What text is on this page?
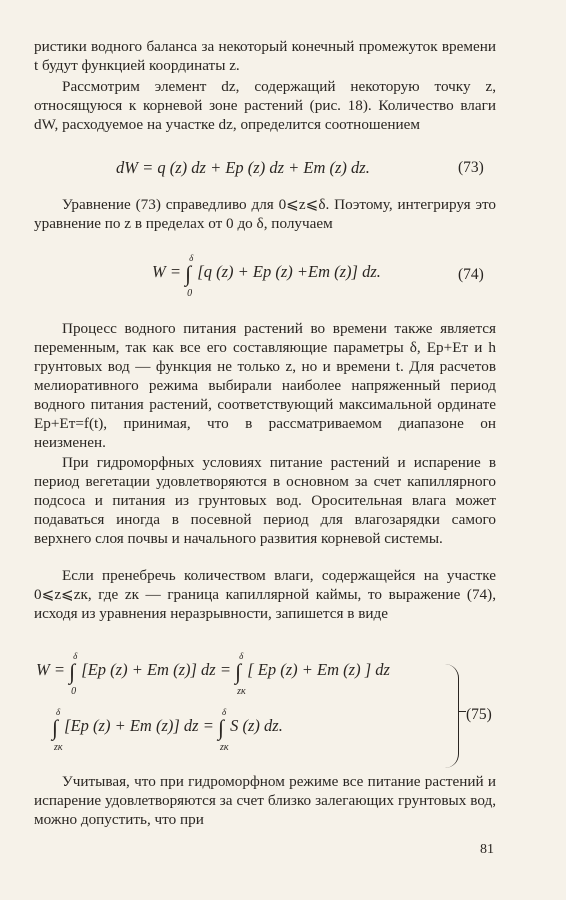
ристики водного баланса за некоторый конечный промежуток времени t будут функцией координаты z.

Рассмотрим элемент dz, содержащий некоторую точку z, относящуюся к корневой зоне растений (рис. 18). Количество влаги dW, расходуемое на участке dz, определится соотношением

dW = q (z) dz + Eр (z) dz + Eт (z) dz.	(73)

Уравнение (73) справедливо для 0⩽z⩽δ. Поэтому, интегрируя это уравнение по z в пределах от 0 до δ, получаем

W = ∫
δ
0
[q (z) + Eр (z) +Eт (z)] dz.	(74)

Процесс водного питания растений во времени также является переменным, так как все его составляющие параметры δ, Eр+Eт и h грунтовых вод — функция не только z, но и времени t. Для расчетов мелиоративного режима выбирали наиболее напряженный период водного питания растений, соответствующий максимальной ординате Eр+Eт=f(t), принимая, что в рассматриваемом диапазоне он неизменен.

При гидроморфных условиях питание растений и испарение в период вегетации удовлетворяются в основном за счет капиллярного подсоса и питания из грунтовых вод. Оросительная влага может подаваться иногда в посевной период для влагозарядки самого верхнего слоя почвы и начального развития корневой системы.

Если пренебречь количеством влаги, содержащейся на участке 0⩽z⩽zк, где zк — граница капиллярной каймы, то выражение (74), исходя из уравнения неразрывности, запишется в виде

W = ∫
δ
0
[Eр (z) + Eт (z)] dz = ∫
δ
zк
[ Eр (z) + Eт (z) ] dz
∫
δ
zк
[Eр (z) + Eт (z)] dz = ∫
δ
zк
S (z) dz.
(75)

Учитывая, что при гидроморфном режиме все питание растений и испарение удовлетворяются за счет близко залегающих грунтовых вод, можно допустить, что при

81
